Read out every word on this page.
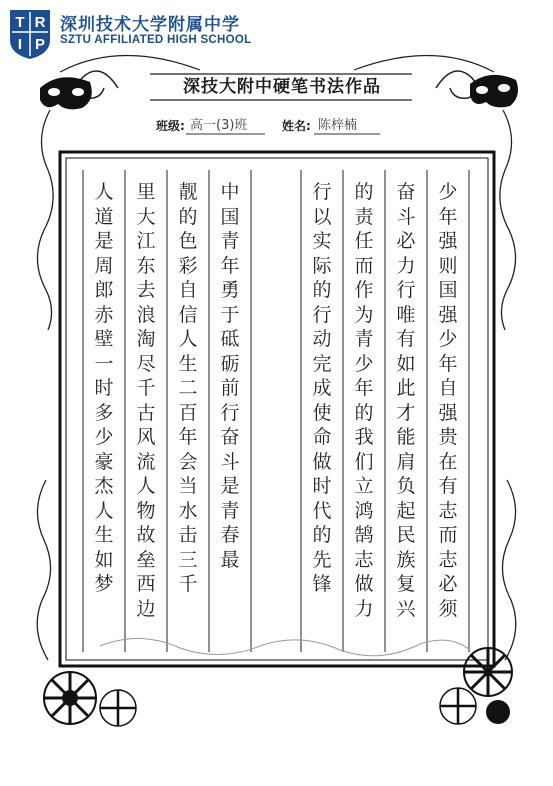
T R
I P
深圳技术大学附属中学
SZTU AFFILIATED HIGH SCHOOL
深技大附中硬笔书法作品
班级: 高一(3)班	姓名: 陈梓楠
少
年
强
则
国
强
少
年
自
强
贵
在
有
志
而
志
必
须
奋
斗
必
力
行
唯
有
如
此
才
能
肩
负
起
民
族
复
兴
的
责
任
而
作
为
青
少
年
的
我
们
立
鸿
鹄
志
做
力
行
以
实
际
的
行
动
完
成
使
命
做
时
代
的
先
锋
中
国
青
年
勇
于
砥
砺
前
行
奋
斗
是
青
春
最
靓
的
色
彩
自
信
人
生
二
百
年
会
当
水
击
三
千
里
大
江
东
去
浪
淘
尽
千
古
风
流
人
物
故
垒
西
边
人
道
是
周
郎
赤
壁
一
时
多
少
豪
杰
人
生
如
梦
